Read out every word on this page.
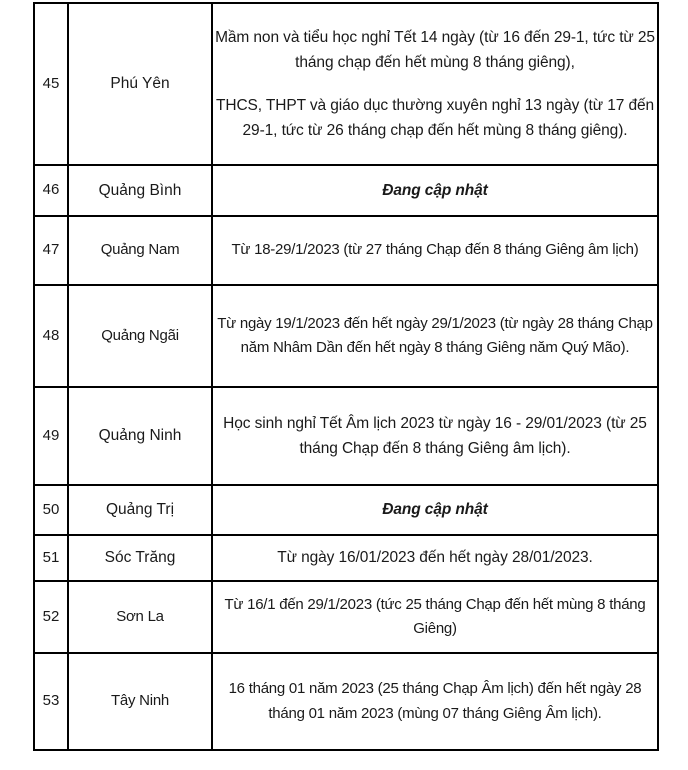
45	Phú Yên	Mầm non và tiểu học nghỉ Tết 14 ngày (từ 16 đến 29-1, tức từ 25 tháng chạp đến hết mùng 8 tháng giêng),

THCS, THPT và giáo dục thường xuyên nghỉ 13 ngày (từ 17 đến 29-1, tức từ 26 tháng chạp đến hết mùng 8 tháng giêng).

46	Quảng Bình	Đang cập nhật
47	Quảng Nam	Từ 18-29/1/2023 (từ 27 tháng Chạp đến 8 tháng Giêng âm lịch)

48	Quảng Ngãi	Từ ngày 19/1/2023 đến hết ngày 29/1/2023 (từ ngày 28 tháng Chạp năm Nhâm Dần đến hết ngày 8 tháng Giêng năm Quý Mão).

49	Quảng Ninh	Học sinh nghỉ Tết Âm lịch 2023 từ ngày 16 - 29/01/2023 (từ 25 tháng Chạp đến 8 tháng Giêng âm lịch).

50	Quảng Trị	Đang cập nhật
51	Sóc Trăng	Từ ngày 16/01/2023 đến hết ngày 28/01/2023.

52	Sơn La	Từ 16/1 đến 29/1/2023 (tức 25 tháng Chạp đến hết mùng 8 tháng Giêng)

53	Tây Ninh	16 tháng 01 năm 2023 (25 tháng Chạp Âm lịch) đến hết ngày 28 tháng 01 năm 2023 (mùng 07 tháng Giêng Âm lịch).
